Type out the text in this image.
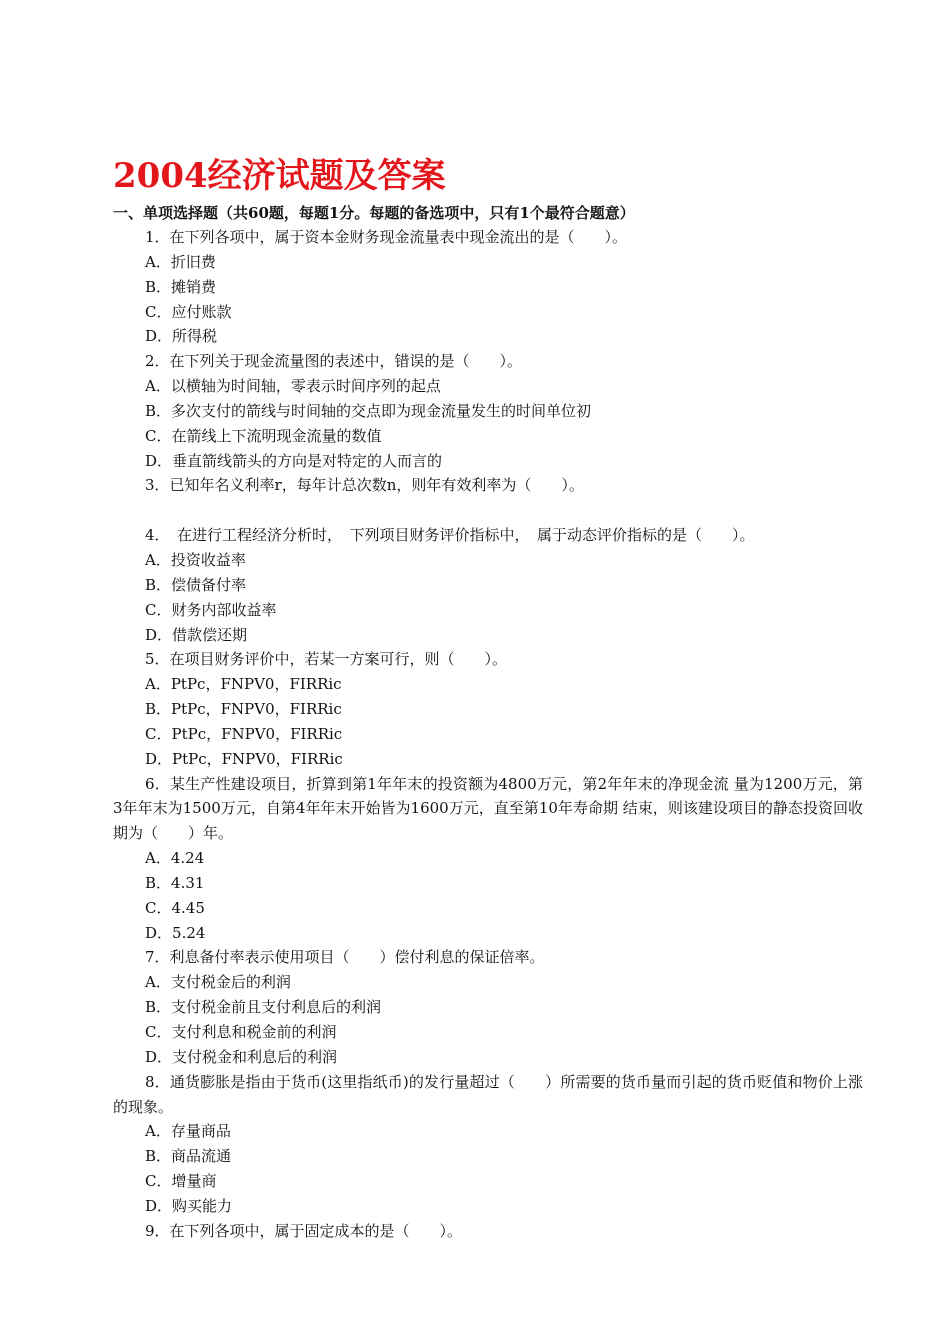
2004经济试题及答案
一、单项选择题（共60题，每题1分。每题的备选项中，只有1个最符合题意）

1．在下列各项中，属于资本金财务现金流量表中现金流出的是（　　）。

A．折旧费

B．摊销费

C．应付账款

D．所得税

2．在下列关于现金流量图的表述中，错误的是（　　）。

A．以横轴为时间轴，零表示时间序列的起点

B．多次支付的箭线与时间轴的交点即为现金流量发生的时间单位初

C．在箭线上下流明现金流量的数值

D．垂直箭线箭头的方向是对特定的人而言的

3．已知年名义利率r，每年计总次数n，则年有效利率为（　　）。

4．　在进行工程经济分析时，　下列项目财务评价指标中，　属于动态评价指标的是（　　）。

A．投资收益率

B．偿债备付率

C．财务内部收益率

D．借款偿还期

5．在项目财务评价中，若某一方案可行，则（　　）。

A．PtPc，FNPV0，FIRRic

B．PtPc，FNPV0，FIRRic

C．PtPc，FNPV0，FIRRic

D．PtPc，FNPV0，FIRRic

6．某生产性建设项目，折算到第1年年末的投资额为4800万元，第2年年末的净现金流 量为1200万元，第3年年末为1500万元，自第4年年末开始皆为1600万元，直至第10年寿命期 结束，则该建设项目的静态投资回收期为（　　）年。

A．4.24

B．4.31

C．4.45

D．5.24

7．利息备付率表示使用项目（　　）偿付利息的保证倍率。

A．支付税金后的利润

B．支付税金前且支付利息后的利润

C．支付利息和税金前的利润

D．支付税金和利息后的利润

8．通货膨胀是指由于货币(这里指纸币)的发行量超过（　　）所需要的货币量而引起的货币贬值和物价上涨的现象。

A．存量商品

B．商品流通

C．增量商

D．购买能力

9．在下列各项中，属于固定成本的是（　　）。
